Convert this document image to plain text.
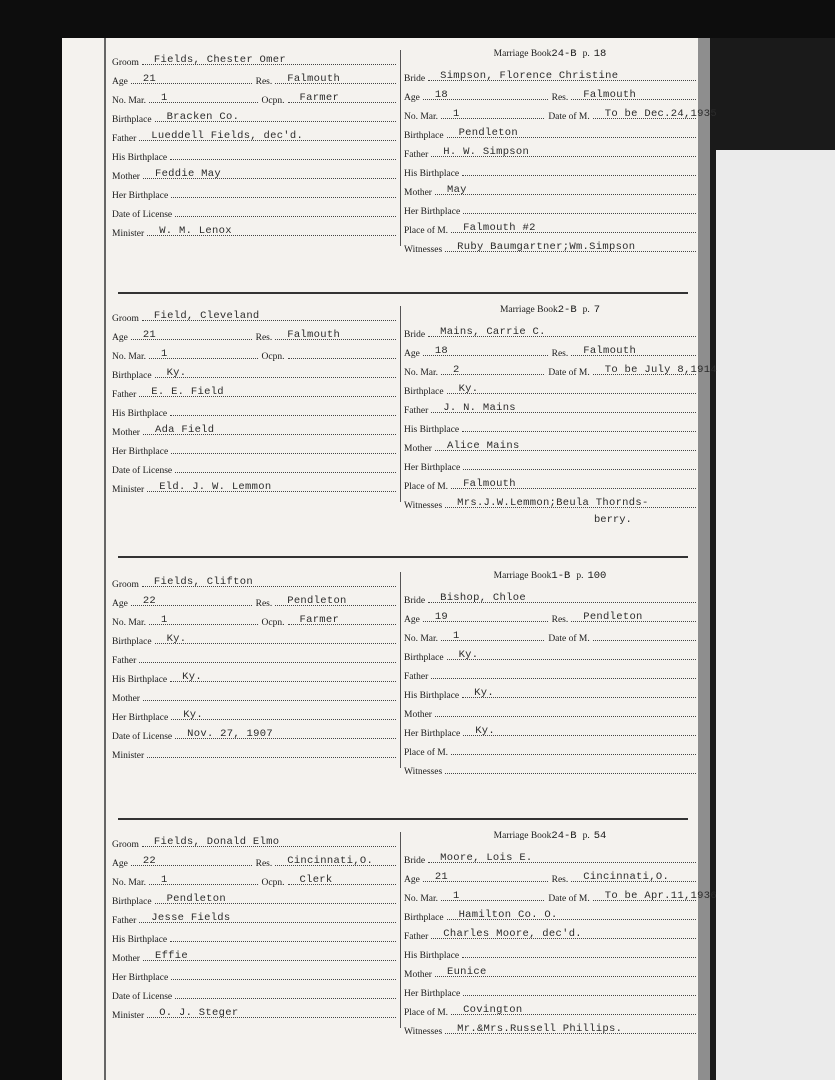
Groom Fields, Chester Omer
Age 21	Res. Falmouth
No. Mar. 1	Ocpn. Farmer
Birthplace Bracken Co.
Father Lueddell Fields, dec'd.
His Birthplace
Mother Feddie May
Her Birthplace
Date of License
Minister W. M. Lenox
Marriage Book24-B p. 18
Bride Simpson, Florence Christine
Age 18	Res. Falmouth
No. Mar. 1	Date of M. To be Dec.24,1935
Birthplace Pendleton
Father H. W. Simpson
His Birthplace
Mother May
Her Birthplace
Place of M. Falmouth #2
Witnesses Ruby Baumgartner;Wm.Simpson
Groom Field, Cleveland
Age 21	Res. Falmouth
No. Mar. 1	Ocpn.
Birthplace Ky.
Father E. E. Field
His Birthplace
Mother Ada Field
Her Birthplace
Date of License
Minister Eld. J. W. Lemmon
Marriage Book2-B p. 7
Bride Mains, Carrie C.
Age 18	Res. Falmouth
No. Mar. 2	Date of M. To be July 8,1914
Birthplace Ky.
Father J. N. Mains
His Birthplace
Mother Alice Mains
Her Birthplace
Place of M. Falmouth
Witnesses Mrs.J.W.Lemmon;Beula Thornds-
berry.
Groom Fields, Clifton
Age 22	Res. Pendleton
No. Mar. 1	Ocpn. Farmer
Birthplace Ky.
Father
His Birthplace Ky.
Mother
Her Birthplace Ky.
Date of License Nov. 27, 1907
Minister
Marriage Book1-B p. 100
Bride Bishop, Chloe
Age 19	Res. Pendleton
No. Mar. 1	Date of M.
Birthplace Ky.
Father
His Birthplace Ky.
Mother
Her Birthplace Ky.
Place of M.
Witnesses
Groom Fields, Donald Elmo
Age 22	Res. Cincinnati,O.
No. Mar. 1	Ocpn. Clerk
Birthplace Pendleton
Father Jesse Fields
His Birthplace
Mother Effie
Her Birthplace
Date of License
Minister O. J. Steger
Marriage Book24-B p. 54
Bride Moore, Lois E.
Age 21	Res. Cincinnati,O.
No. Mar. 1	Date of M. To be Apr.11,1936
Birthplace Hamilton Co. O.
Father Charles Moore, dec'd.
His Birthplace
Mother Eunice
Her Birthplace
Place of M. Covington
Witnesses Mr.&Mrs.Russell Phillips.
